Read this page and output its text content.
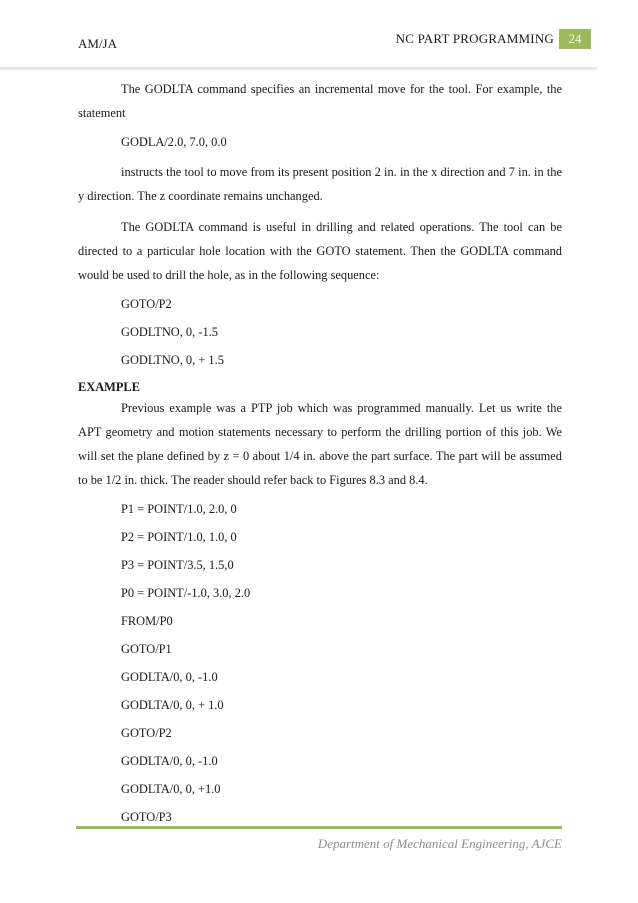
AM/JA	NC PART PROGRAMMING	24

The GODLTA command specifies an incremental move for the tool. For example, the statement

GODLA/2.0, 7.0, 0.0

instructs the tool to move from its present position 2 in. in the x direction and 7 in. in the y direction. The z coordinate remains unchanged.

The GODLTA command is useful in drilling and related operations. The tool can be directed to a particular hole location with the GOTO statement. Then the GODLTA command would be used to drill the hole, as in the following sequence:

GOTO/P2
GODLTNO, 0, -1.5
GODLTNO, 0, + 1.5
EXAMPLE

Previous example was a PTP job which was programmed manually. Let us write the APT geometry and motion statements necessary to perform the drilling portion of this job. We will set the plane defined by z = 0 about 1/4 in. above the part surface. The part will be assumed to be 1/2 in. thick. The reader should refer back to Figures 8.3 and 8.4.

P1 = POINT/1.0, 2.0, 0
P2 = POINT/1.0, 1.0, 0
P3 = POINT/3.5, 1.5,0
P0 = POINT/-1.0, 3.0, 2.0
FROM/P0
GOTO/P1
GODLTA/0, 0, -1.0
GODLTA/0, 0, + 1.0
GOTO/P2
GODLTA/0, 0, -1.0
GODLTA/0, 0, +1.0
GOTO/P3
Department of Mechanical Engineering, AJCE
